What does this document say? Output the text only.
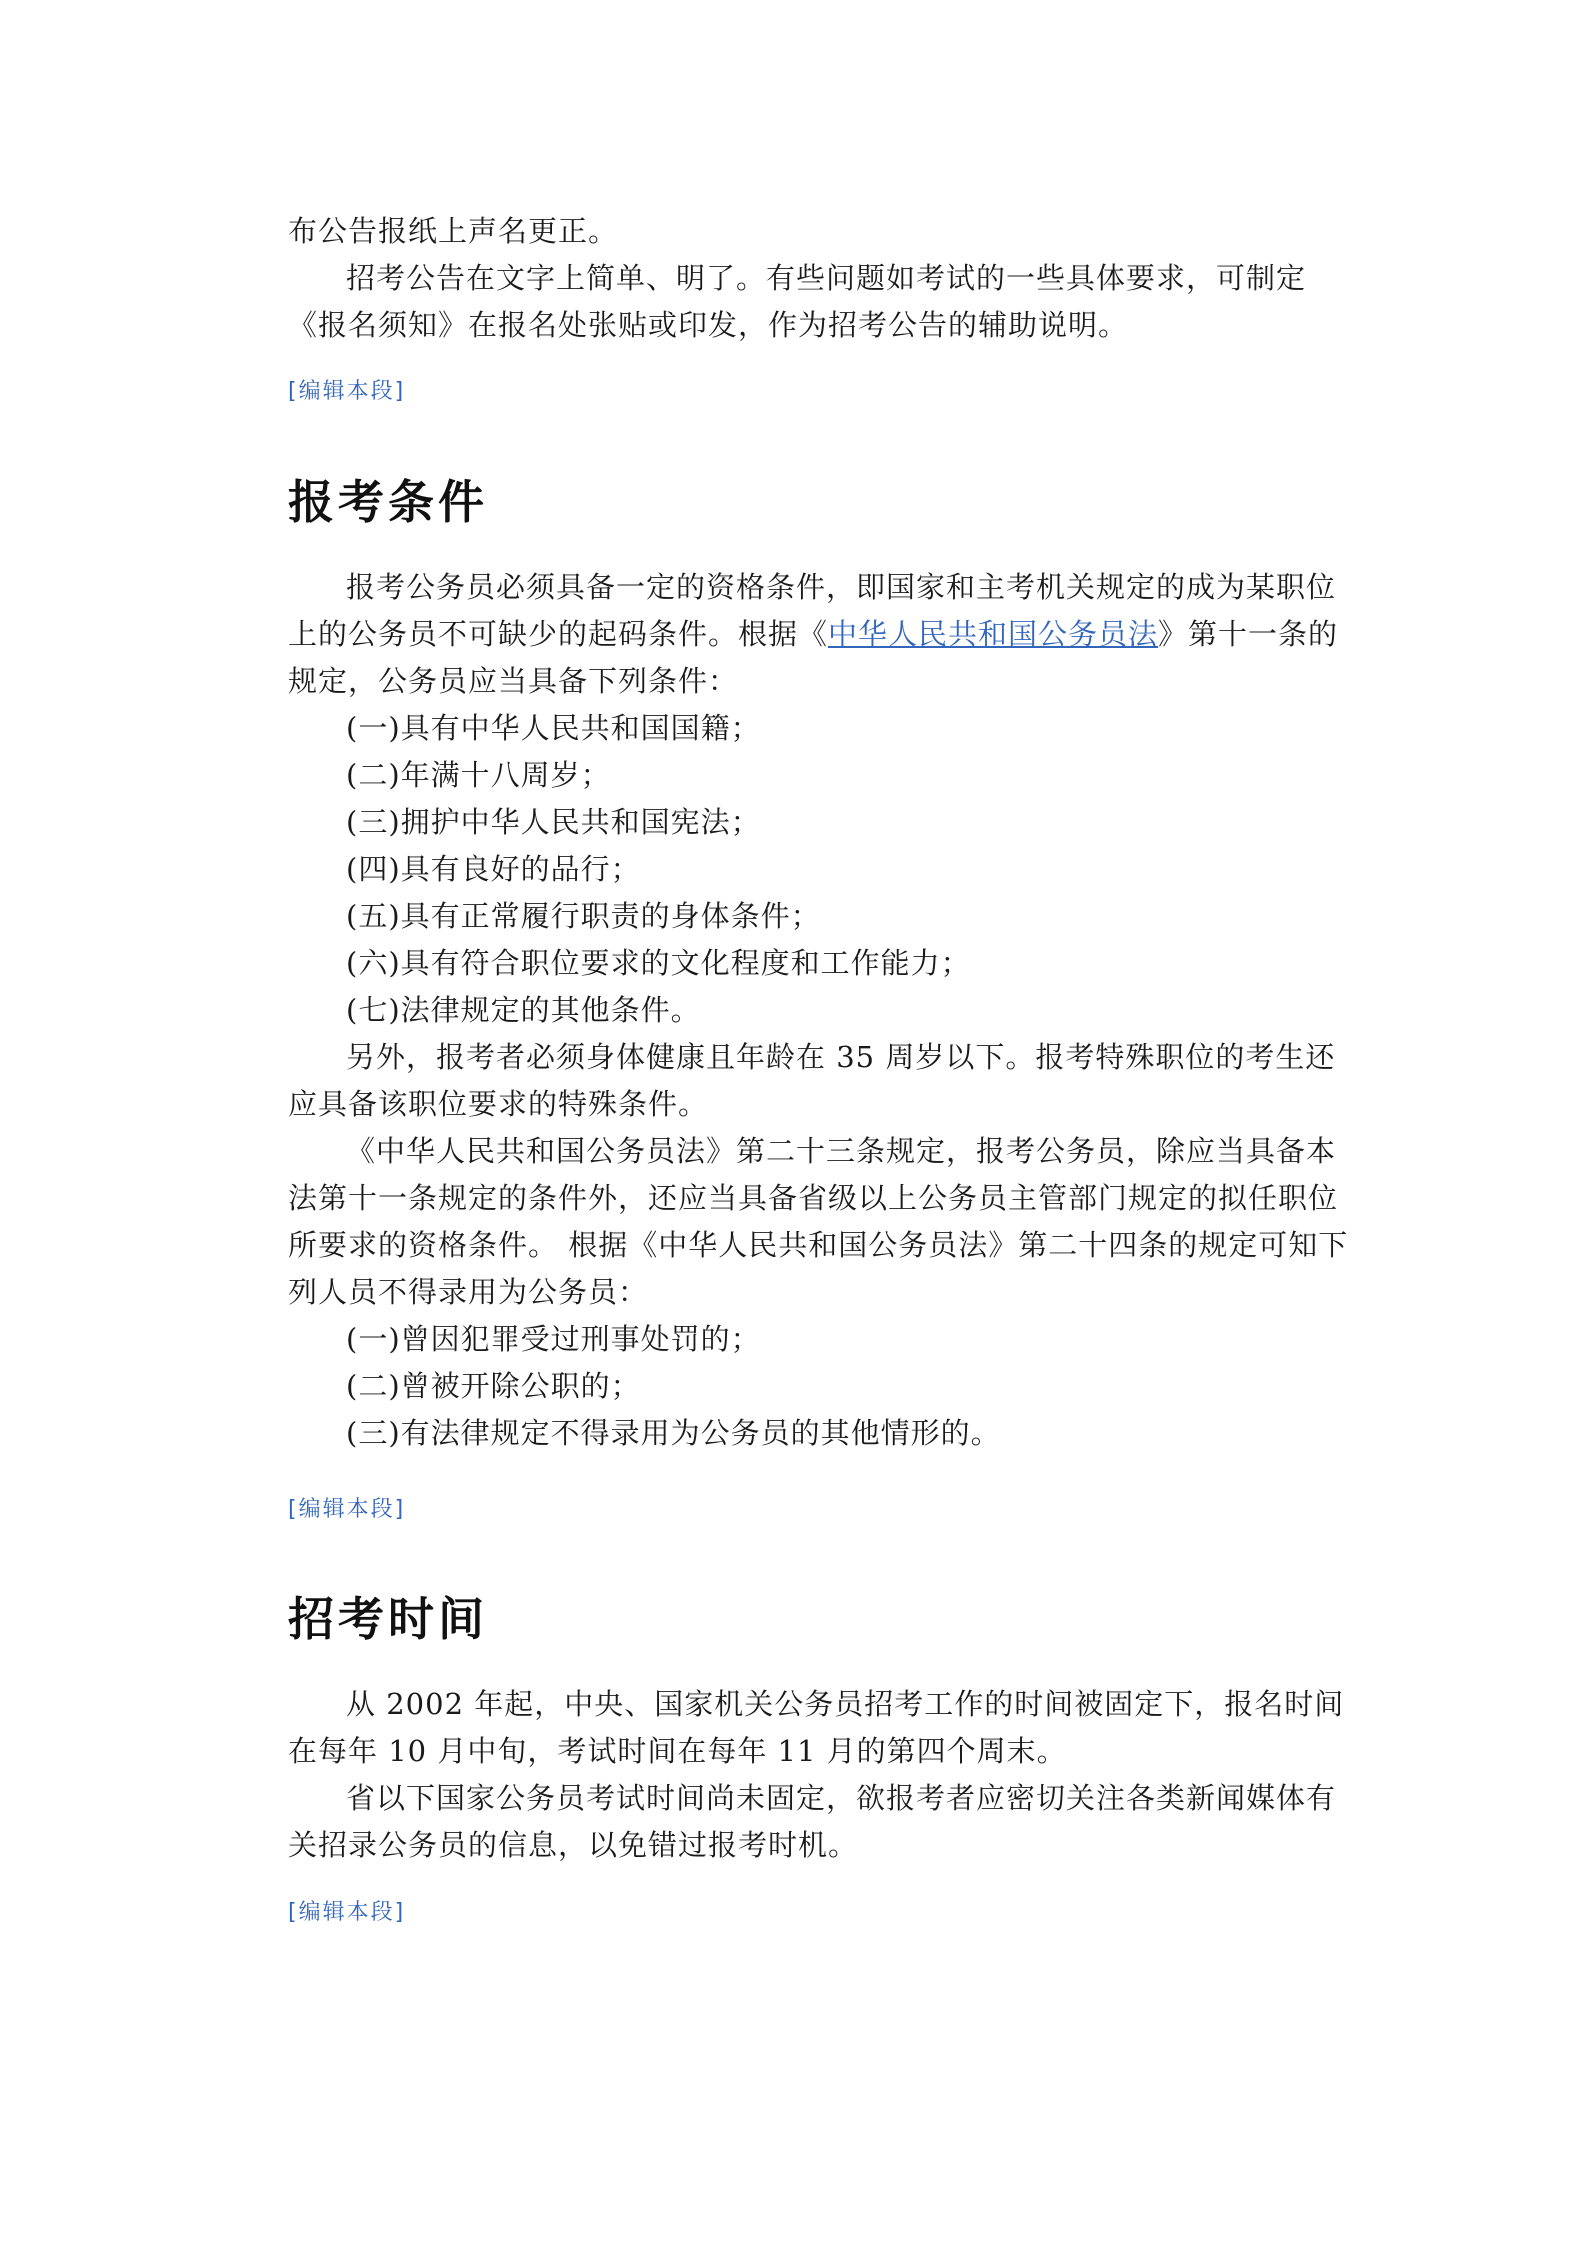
布公告报纸上声名更正。

招考公告在文字上简单、明了。有些问题如考试的一些具体要求，可制定《报名须知》在报名处张贴或印发，作为招考公告的辅助说明。

[编辑本段]
报考条件

报考公务员必须具备一定的资格条件，即国家和主考机关规定的成为某职位上的公务员不可缺少的起码条件。根据《中华人民共和国公务员法》第十一条的规定，公务员应当具备下列条件：

(一)具有中华人民共和国国籍；

(二)年满十八周岁；

(三)拥护中华人民共和国宪法；

(四)具有良好的品行；

(五)具有正常履行职责的身体条件；

(六)具有符合职位要求的文化程度和工作能力；

(七)法律规定的其他条件。

另外，报考者必须身体健康且年龄在 35 周岁以下。报考特殊职位的考生还应具备该职位要求的特殊条件。

《中华人民共和国公务员法》第二十三条规定，报考公务员，除应当具备本法第十一条规定的条件外，还应当具备省级以上公务员主管部门规定的拟任职位所要求的资格条件。 根据《中华人民共和国公务员法》第二十四条的规定可知下列人员不得录用为公务员：

(一)曾因犯罪受过刑事处罚的；

(二)曾被开除公职的；

(三)有法律规定不得录用为公务员的其他情形的。

[编辑本段]
招考时间

从 2002 年起，中央、国家机关公务员招考工作的时间被固定下，报名时间在每年 10 月中旬，考试时间在每年 11 月的第四个周末。

省以下国家公务员考试时间尚未固定，欲报考者应密切关注各类新闻媒体有关招录公务员的信息，以免错过报考时机。

[编辑本段]
